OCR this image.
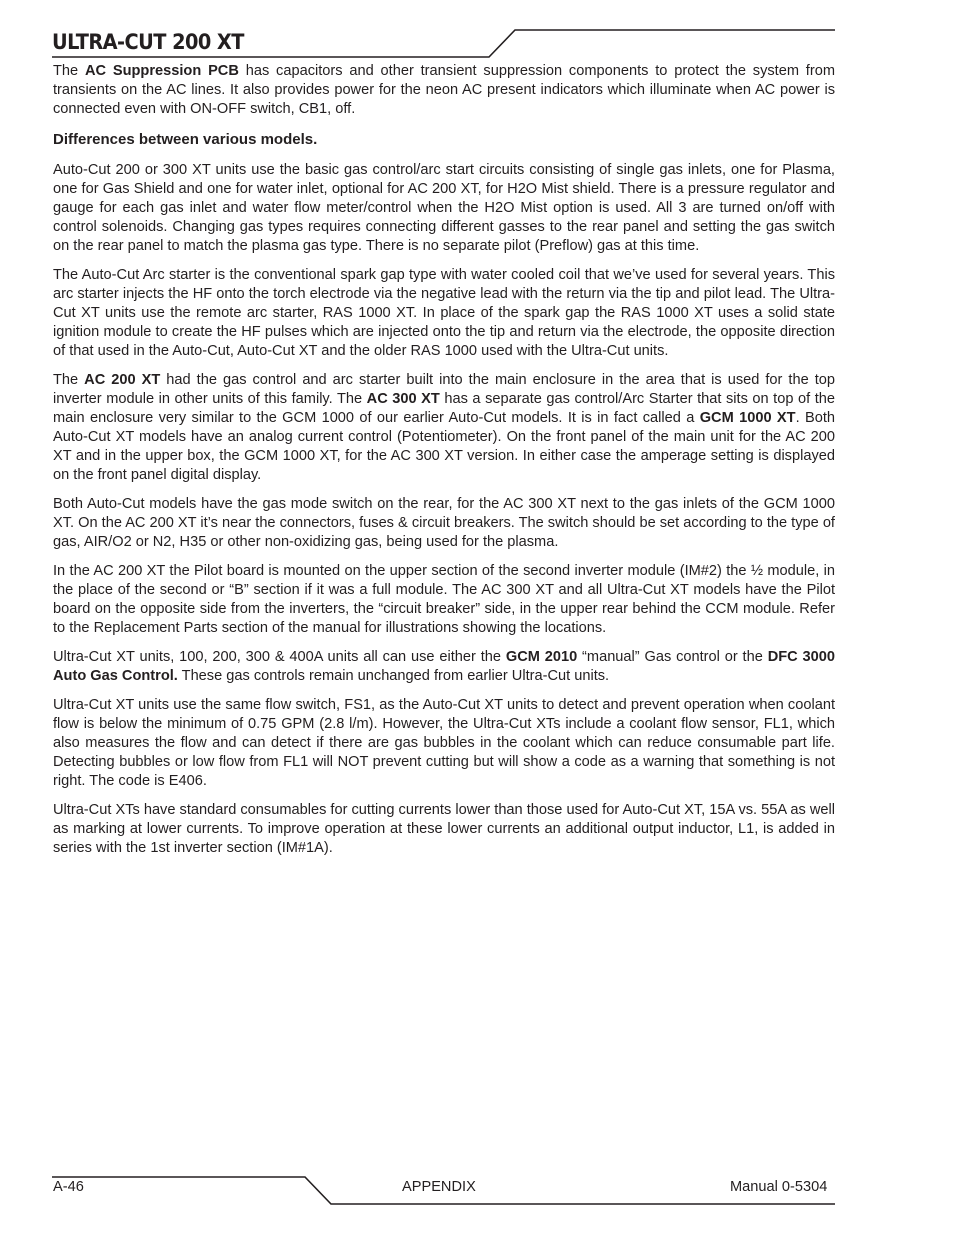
ULTRA-CUT 200 XT

The AC Suppression PCB has capacitors and other transient suppression components to protect the system from transients on the AC lines. It also provides power for the neon AC present indicators which illuminate when AC power is connected even with ON-OFF switch, CB1, off.

Differences between various models.

Auto-Cut 200 or 300 XT units use the basic gas control/arc start circuits consisting of single gas inlets, one for Plasma, one for Gas Shield and one for water inlet, optional for AC 200 XT, for H2O Mist shield. There is a pressure regulator and gauge for each gas inlet and water flow meter/control when the H2O Mist option is used. All 3 are turned on/off with control solenoids. Changing gas types requires connecting different gasses to the rear panel and setting the gas switch on the rear panel to match the plasma gas type. There is no separate pilot (Preflow) gas at this time.

The Auto-Cut Arc starter is the conventional spark gap type with water cooled coil that we’ve used for several years. This arc starter injects the HF onto the torch electrode via the negative lead with the return via the tip and pilot lead. The Ultra-Cut XT units use the remote arc starter, RAS 1000 XT. In place of the spark gap the RAS 1000 XT uses a solid state ignition module to create the HF pulses which are injected onto the tip and return via the electrode, the opposite direction of that used in the Auto-Cut, Auto-Cut XT and the older RAS 1000 used with the Ultra-Cut units.

The AC 200 XT had the gas control and arc starter built into the main enclosure in the area that is used for the top inverter module in other units of this family. The AC 300 XT has a separate gas control/Arc Starter that sits on top of the main enclosure very similar to the GCM 1000 of our earlier Auto-Cut models. It is in fact called a GCM 1000 XT. Both Auto-Cut XT models have an analog current control (Potentiometer). On the front panel of the main unit for the AC 200 XT and in the upper box, the GCM 1000 XT, for the AC 300 XT version. In either case the amperage setting is displayed on the front panel digital display.

Both Auto-Cut models have the gas mode switch on the rear, for the AC 300 XT next to the gas inlets of the GCM 1000 XT. On the AC 200 XT it’s near the connectors, fuses & circuit breakers. The switch should be set according to the type of gas, AIR/O2 or N2, H35 or other non-oxidizing gas, being used for the plasma.

In the AC 200 XT the Pilot board is mounted on the upper section of the second inverter module (IM#2) the ½ module, in the place of the second or “B” section if it was a full module. The AC 300 XT and all Ultra-Cut XT models have the Pilot board on the opposite side from the inverters, the “circuit breaker” side, in the upper rear behind the CCM module. Refer to the Replacement Parts section of the manual for illustrations showing the locations.

Ultra-Cut XT units, 100, 200, 300 & 400A units all can use either the GCM 2010 “manual” Gas control or the DFC 3000 Auto Gas Control. These gas controls remain unchanged from earlier Ultra-Cut units.

Ultra-Cut XT units use the same flow switch, FS1, as the Auto-Cut XT units to detect and prevent operation when coolant flow is below the minimum of 0.75 GPM (2.8 l/m). However, the Ultra-Cut XTs include a coolant flow sensor, FL1, which also measures the flow and can detect if there are gas bubbles in the coolant which can reduce consumable part life. Detecting bubbles or low flow from FL1 will NOT prevent cutting but will show a code as a warning that something is not right. The code is E406.

Ultra-Cut XTs have standard consumables for cutting currents lower than those used for Auto-Cut XT, 15A vs. 55A as well as marking at lower currents. To improve operation at these lower currents an additional output inductor, L1, is added in series with the 1st inverter section (IM#1A).

A-46	APPENDIX	Manual 0-5304
